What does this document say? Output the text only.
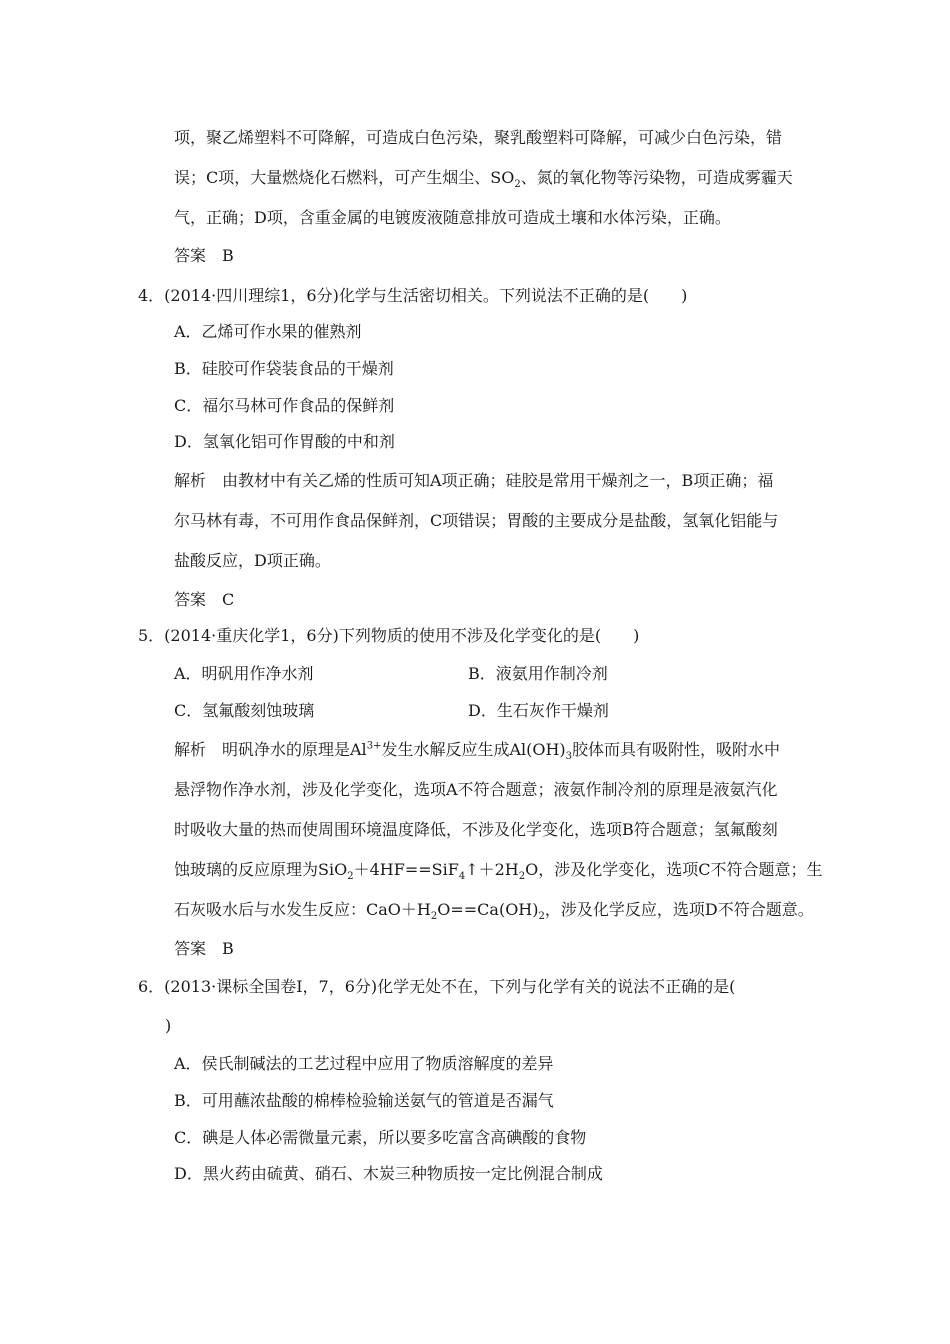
项，聚乙烯塑料不可降解，可造成白色污染，聚乳酸塑料可降解，可减少白色污染，错
误；C项，大量燃烧化石燃料，可产生烟尘、$SO_2$、氮的氧化物等污染物，可造成雾霾天
气，正确；D项，含重金属的电镀废液随意排放可造成土壤和水体污染，正确。
答案　B
4．(2014·四川理综1，6分)化学与生活密切相关。下列说法不正确的是(　　)
A．乙烯可作水果的催熟剂
B．硅胶可作袋装食品的干燥剂
C．福尔马林可作食品的保鲜剂
D．氢氧化铝可作胃酸的中和剂
解析　由教材中有关乙烯的性质可知A项正确；硅胶是常用干燥剂之一，B项正确；福
尔马林有毒，不可用作食品保鲜剂，C项错误；胃酸的主要成分是盐酸，氢氧化铝能与
盐酸反应，D项正确。
答案　C
5．(2014·重庆化学1，6分)下列物质的使用不涉及化学变化的是(　　)
A．明矾用作净水剂	B．液氨用作制冷剂
C．氢氟酸刻蚀玻璃	D．生石灰作干燥剂
解析　明矾净水的原理是$Al^{3+}$发生水解反应生成$Al(OH)_3$胶体而具有吸附性，吸附水中
悬浮物作净水剂，涉及化学变化，选项A不符合题意；液氨作制冷剂的原理是液氨汽化
时吸收大量的热而使周围环境温度降低，不涉及化学变化，选项B符合题意；氢氟酸刻
蚀玻璃的反应原理为$SiO_2+4HF==SiF_4↑+2H_2O$，涉及化学变化，选项C不符合题意；生
石灰吸水后与水发生反应：$CaO+H_2O==Ca(OH)_2$，涉及化学反应，选项D不符合题意。
答案　B
6．(2013·课标全国卷Ⅰ，7，6分)化学无处不在，下列与化学有关的说法不正确的是(
)
A．侯氏制碱法的工艺过程中应用了物质溶解度的差异
B．可用蘸浓盐酸的棉棒检验输送氨气的管道是否漏气
C．碘是人体必需微量元素，所以要多吃富含高碘酸的食物
D．黑火药由硫黄、硝石、木炭三种物质按一定比例混合制成
